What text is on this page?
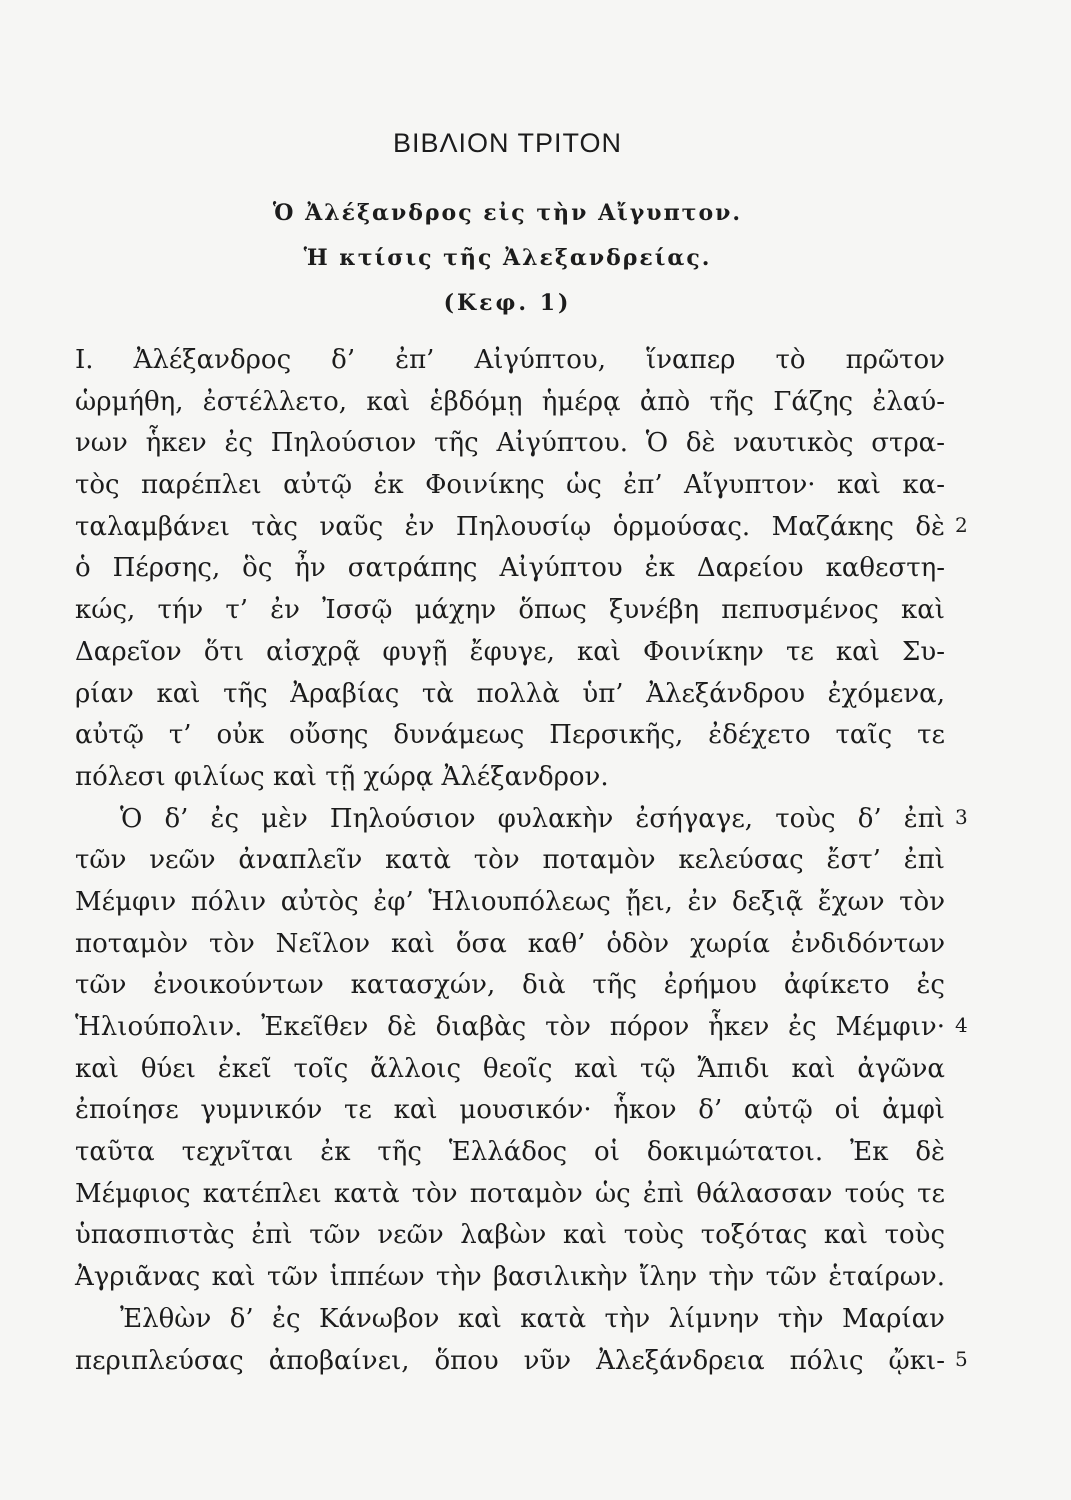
ΒΙΒΛΙΟΝ ΤΡΙΤΟΝ
Ὁ Ἀλέξανδρος εἰς τὴν Αἴγυπτον.
Ἡ κτίσις τῆς Ἀλεξανδρείας.
(Κεφ. 1)
I. Ἀλέξανδρος δ’ ἐπ’ Αἰγύπτου, ἵναπερ τὸ πρῶτον
ὡρμήθη, ἐστέλλετο, καὶ ἑβδόμῃ ἡμέρᾳ ἀπὸ τῆς Γάζης ἐλαύ-
νων ἧκεν ἐς Πηλούσιον τῆς Αἰγύπτου. Ὁ δὲ ναυτικὸς στρα-
τὸς παρέπλει αὐτῷ ἐκ Φοινίκης ὡς ἐπ’ Αἴγυπτον· καὶ κα-
ταλαμβάνει τὰς ναῦς ἐν Πηλουσίῳ ὁρμούσας. Μαζάκης δὲ
ὁ Πέρσης, ὃς ἦν σατράπης Αἰγύπτου ἐκ Δαρείου καθεστη-
κώς, τήν τ’ ἐν Ἰσσῷ μάχην ὅπως ξυνέβη πεπυσμένος καὶ
Δαρεῖον ὅτι αἰσχρᾷ φυγῇ ἔφυγε, καὶ Φοινίκην τε καὶ Συ-
ρίαν καὶ τῆς Ἀραβίας τὰ πολλὰ ὑπ’ Ἀλεξάνδρου ἐχόμενα,
αὐτῷ τ’ οὐκ οὔσης δυνάμεως Περσικῆς, ἐδέχετο ταῖς τε
πόλεσι φιλίως καὶ τῇ χώρᾳ Ἀλέξανδρον.
Ὁ δ’ ἐς μὲν Πηλούσιον φυλακὴν ἐσήγαγε, τοὺς δ’ ἐπὶ
τῶν νεῶν ἀναπλεῖν κατὰ τὸν ποταμὸν κελεύσας ἔστ’ ἐπὶ
Μέμφιν πόλιν αὐτὸς ἐφ’ Ἡλιουπόλεως ᾔει, ἐν δεξιᾷ ἔχων τὸν
ποταμὸν τὸν Νεῖλον καὶ ὅσα καθ’ ὁδὸν χωρία ἐνδιδόντων
τῶν ἐνοικούντων κατασχών, διὰ τῆς ἐρήμου ἀφίκετο ἐς
Ἡλιούπολιν. Ἐκεῖθεν δὲ διαβὰς τὸν πόρον ἧκεν ἐς Μέμφιν·
καὶ θύει ἐκεῖ τοῖς ἄλλοις θεοῖς καὶ τῷ Ἄπιδι καὶ ἀγῶνα
ἐποίησε γυμνικόν τε καὶ μουσικόν· ἧκον δ’ αὐτῷ οἱ ἀμφὶ
ταῦτα τεχνῖται ἐκ τῆς Ἑλλάδος οἱ δοκιμώτατοι. Ἐκ δὲ
Μέμφιος κατέπλει κατὰ τὸν ποταμὸν ὡς ἐπὶ θάλασσαν τούς τε
ὑπασπιστὰς ἐπὶ τῶν νεῶν λαβὼν καὶ τοὺς τοξότας καὶ τοὺς
Ἀγριᾶνας καὶ τῶν ἱππέων τὴν βασιλικὴν ἴλην τὴν τῶν ἑταίρων.
Ἐλθὼν δ’ ἐς Κάνωβον καὶ κατὰ τὴν λίμνην τὴν Μαρίαν
περιπλεύσας ἀποβαίνει, ὅπου νῦν Ἀλεξάνδρεια πόλις ᾤκι-
2
3
4
5
